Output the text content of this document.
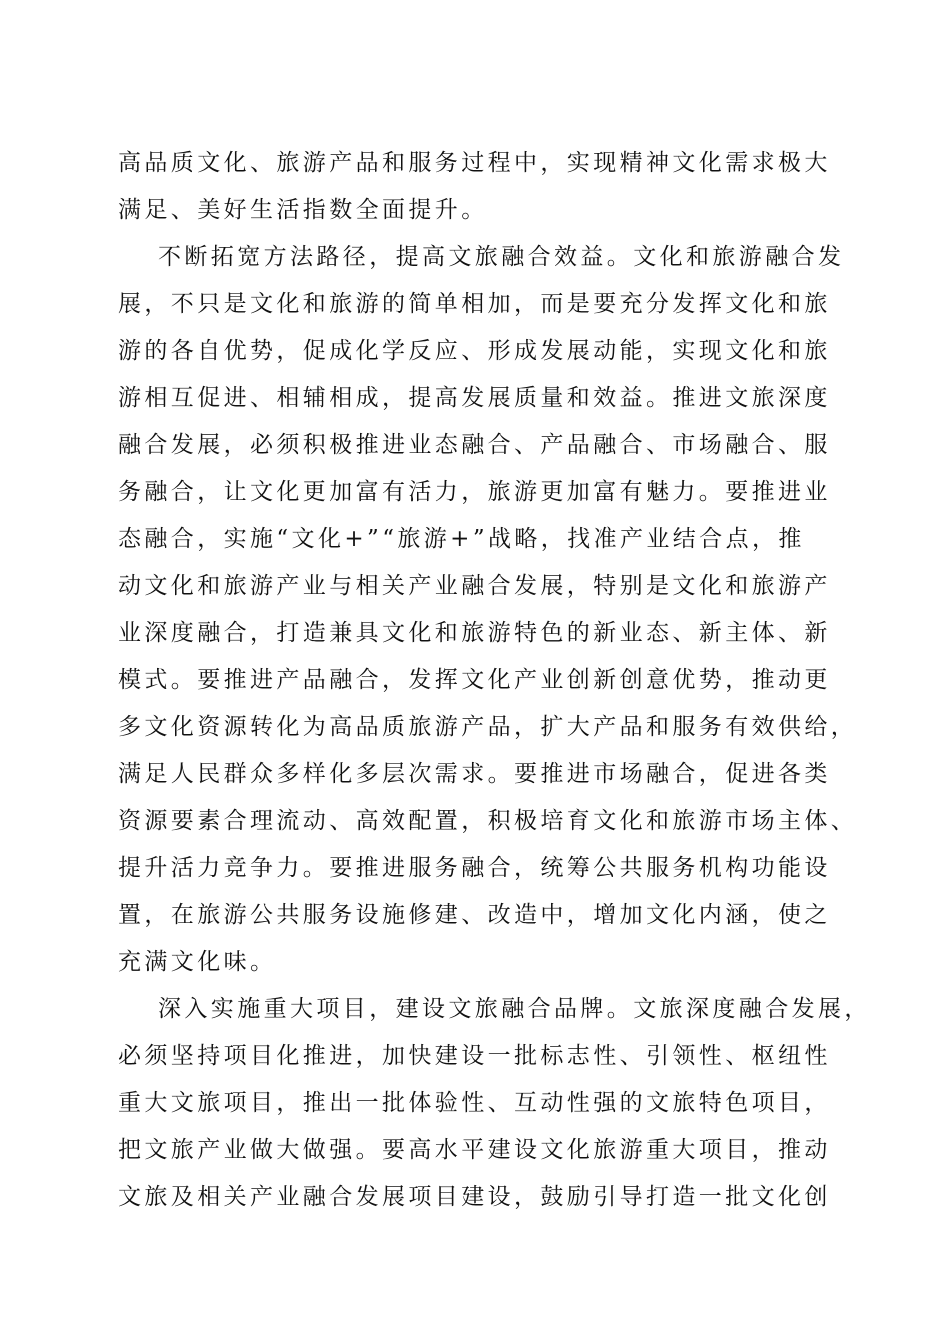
高品质文化、旅游产品和服务过程中，实现精神文化需求极大
满足、美好生活指数全面提升。
不断拓宽方法路径，提高文旅融合效益。文化和旅游融合发
展，不只是文化和旅游的简单相加，而是要充分发挥文化和旅
游的各自优势，促成化学反应、形成发展动能，实现文化和旅
游相互促进、相辅相成，提高发展质量和效益。推进文旅深度
融合发展，必须积极推进业态融合、产品融合、市场融合、服
务融合，让文化更加富有活力，旅游更加富有魅力。要推进业
态融合，实施“文化+”“旅游+”战略，找准产业结合点，推
动文化和旅游产业与相关产业融合发展，特别是文化和旅游产
业深度融合，打造兼具文化和旅游特色的新业态、新主体、新
模式。要推进产品融合，发挥文化产业创新创意优势，推动更
多文化资源转化为高品质旅游产品，扩大产品和服务有效供给，
满足人民群众多样化多层次需求。要推进市场融合，促进各类
资源要素合理流动、高效配置，积极培育文化和旅游市场主体、
提升活力竞争力。要推进服务融合，统筹公共服务机构功能设
置，在旅游公共服务设施修建、改造中，增加文化内涵，使之
充满文化味。
深入实施重大项目，建设文旅融合品牌。文旅深度融合发展，
必须坚持项目化推进，加快建设一批标志性、引领性、枢纽性
重大文旅项目，推出一批体验性、互动性强的文旅特色项目，
把文旅产业做大做强。要高水平建设文化旅游重大项目，推动
文旅及相关产业融合发展项目建设，鼓励引导打造一批文化创
